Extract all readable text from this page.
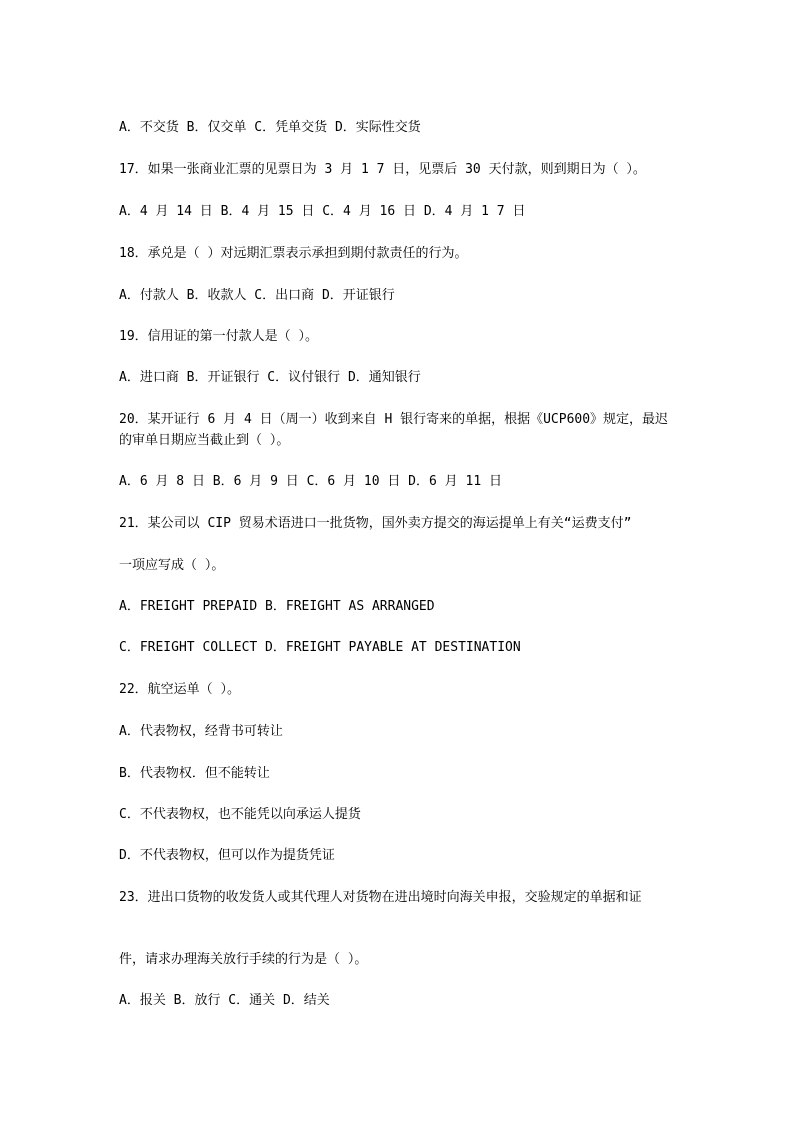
A．不交货 B．仅交单 C．凭单交货 D．实际性交货
17．如果一张商业汇票的见票日为 3 月 1 7 日，见票后 30 天付款，则到期日为（ ）。
A．4 月 14 日 B．4 月 15 日 C．4 月 16 日 D．4 月 1 7 日
18．承兑是（ ）对远期汇票表示承担到期付款责任的行为。
A．付款人 B．收款人 C．出口商 D．开证银行
19．信用证的第一付款人是（ ）。
A．进口商 B．开证银行 C．议付银行 D．通知银行
20．某开证行 6 月 4 日（周一）收到来自 H 银行寄来的单据，根据《UCP600》规定，最迟的审单日期应当截止到（ ）。
A．6 月 8 日 B．6 月 9 日 C．6 月 10 日 D．6 月 11 日
21．某公司以 CIP 贸易术语进口一批货物，国外卖方提交的海运提单上有关“运费支付”
一项应写成（ ）。
A．FREIGHT PREPAID B．FREIGHT AS ARRANGED
C．FREIGHT COLLECT D．FREIGHT PAYABLE AT DESTINATION
22．航空运单（ ）。
A．代表物权，经背书可转让
B．代表物权．但不能转让
C．不代表物权，也不能凭以向承运人提货
D．不代表物权，但可以作为提货凭证
23．进出口货物的收发货人或其代理人对货物在进出境时向海关申报，交验规定的单据和证
件，请求办理海关放行手续的行为是（ ）。
A．报关 B．放行 C．通关 D．结关
